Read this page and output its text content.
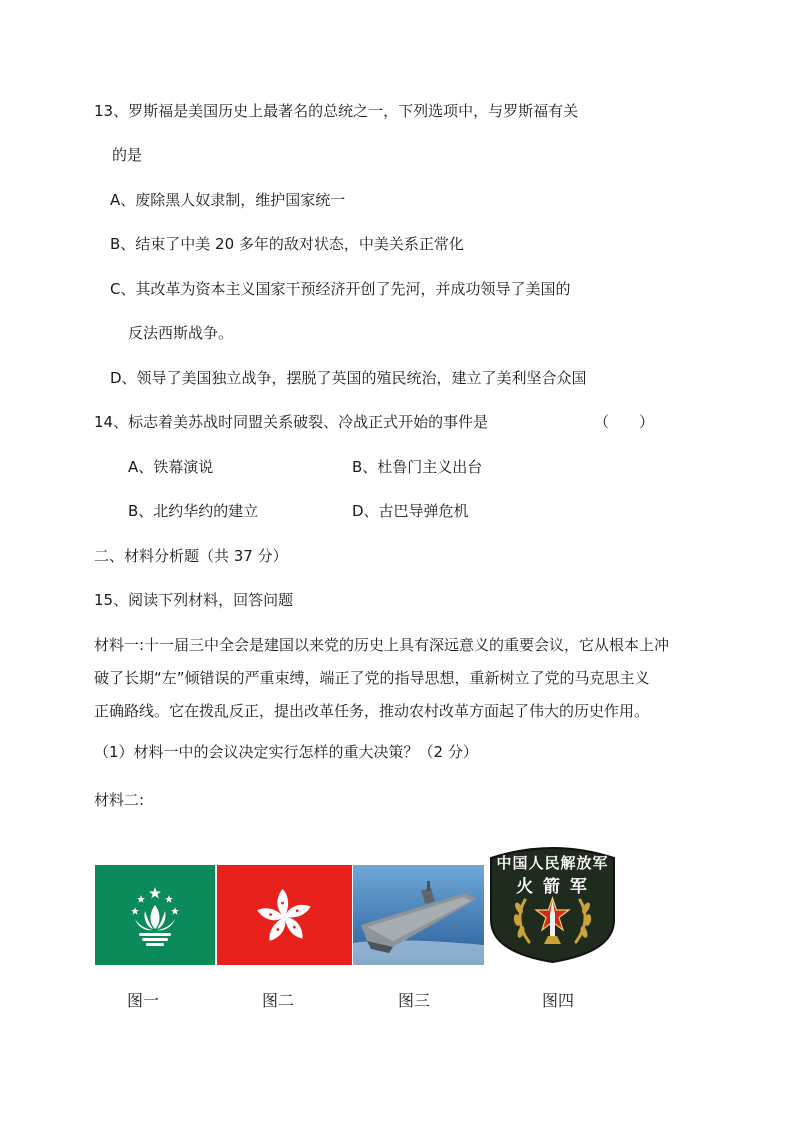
13、罗斯福是美国历史上最著名的总统之一，下列选项中，与罗斯福有关
的是
A、废除黑人奴隶制，维护国家统一
B、结束了中美 20 多年的敌对状态，中美关系正常化
C、其改革为资本主义国家干预经济开创了先河，并成功领导了美国的
反法西斯战争。
D、领导了美国独立战争，摆脱了英国的殖民统治，建立了美利坚合众国
14、标志着美苏战时同盟关系破裂、冷战正式开始的事件是	（　　）
A、铁幕演说	B、杜鲁门主义出台
B、北约华约的建立	D、古巴导弹危机
二、材料分析题（共 37 分）
15、阅读下列材料，回答问题
材料一:十一届三中全会是建国以来党的历史上具有深远意义的重要会议，它从根本上冲
破了长期“左”倾错误的严重束缚，端正了党的指导思想，重新树立了党的马克思主义
正确路线。它在拨乱反正，提出改革任务，推动农村改革方面起了伟大的历史作用。
（1）材料一中的会议决定实行怎样的重大决策？（2 分）
材料二:
中国人民解放军
火 箭 军
图一	图二	图三	图四
